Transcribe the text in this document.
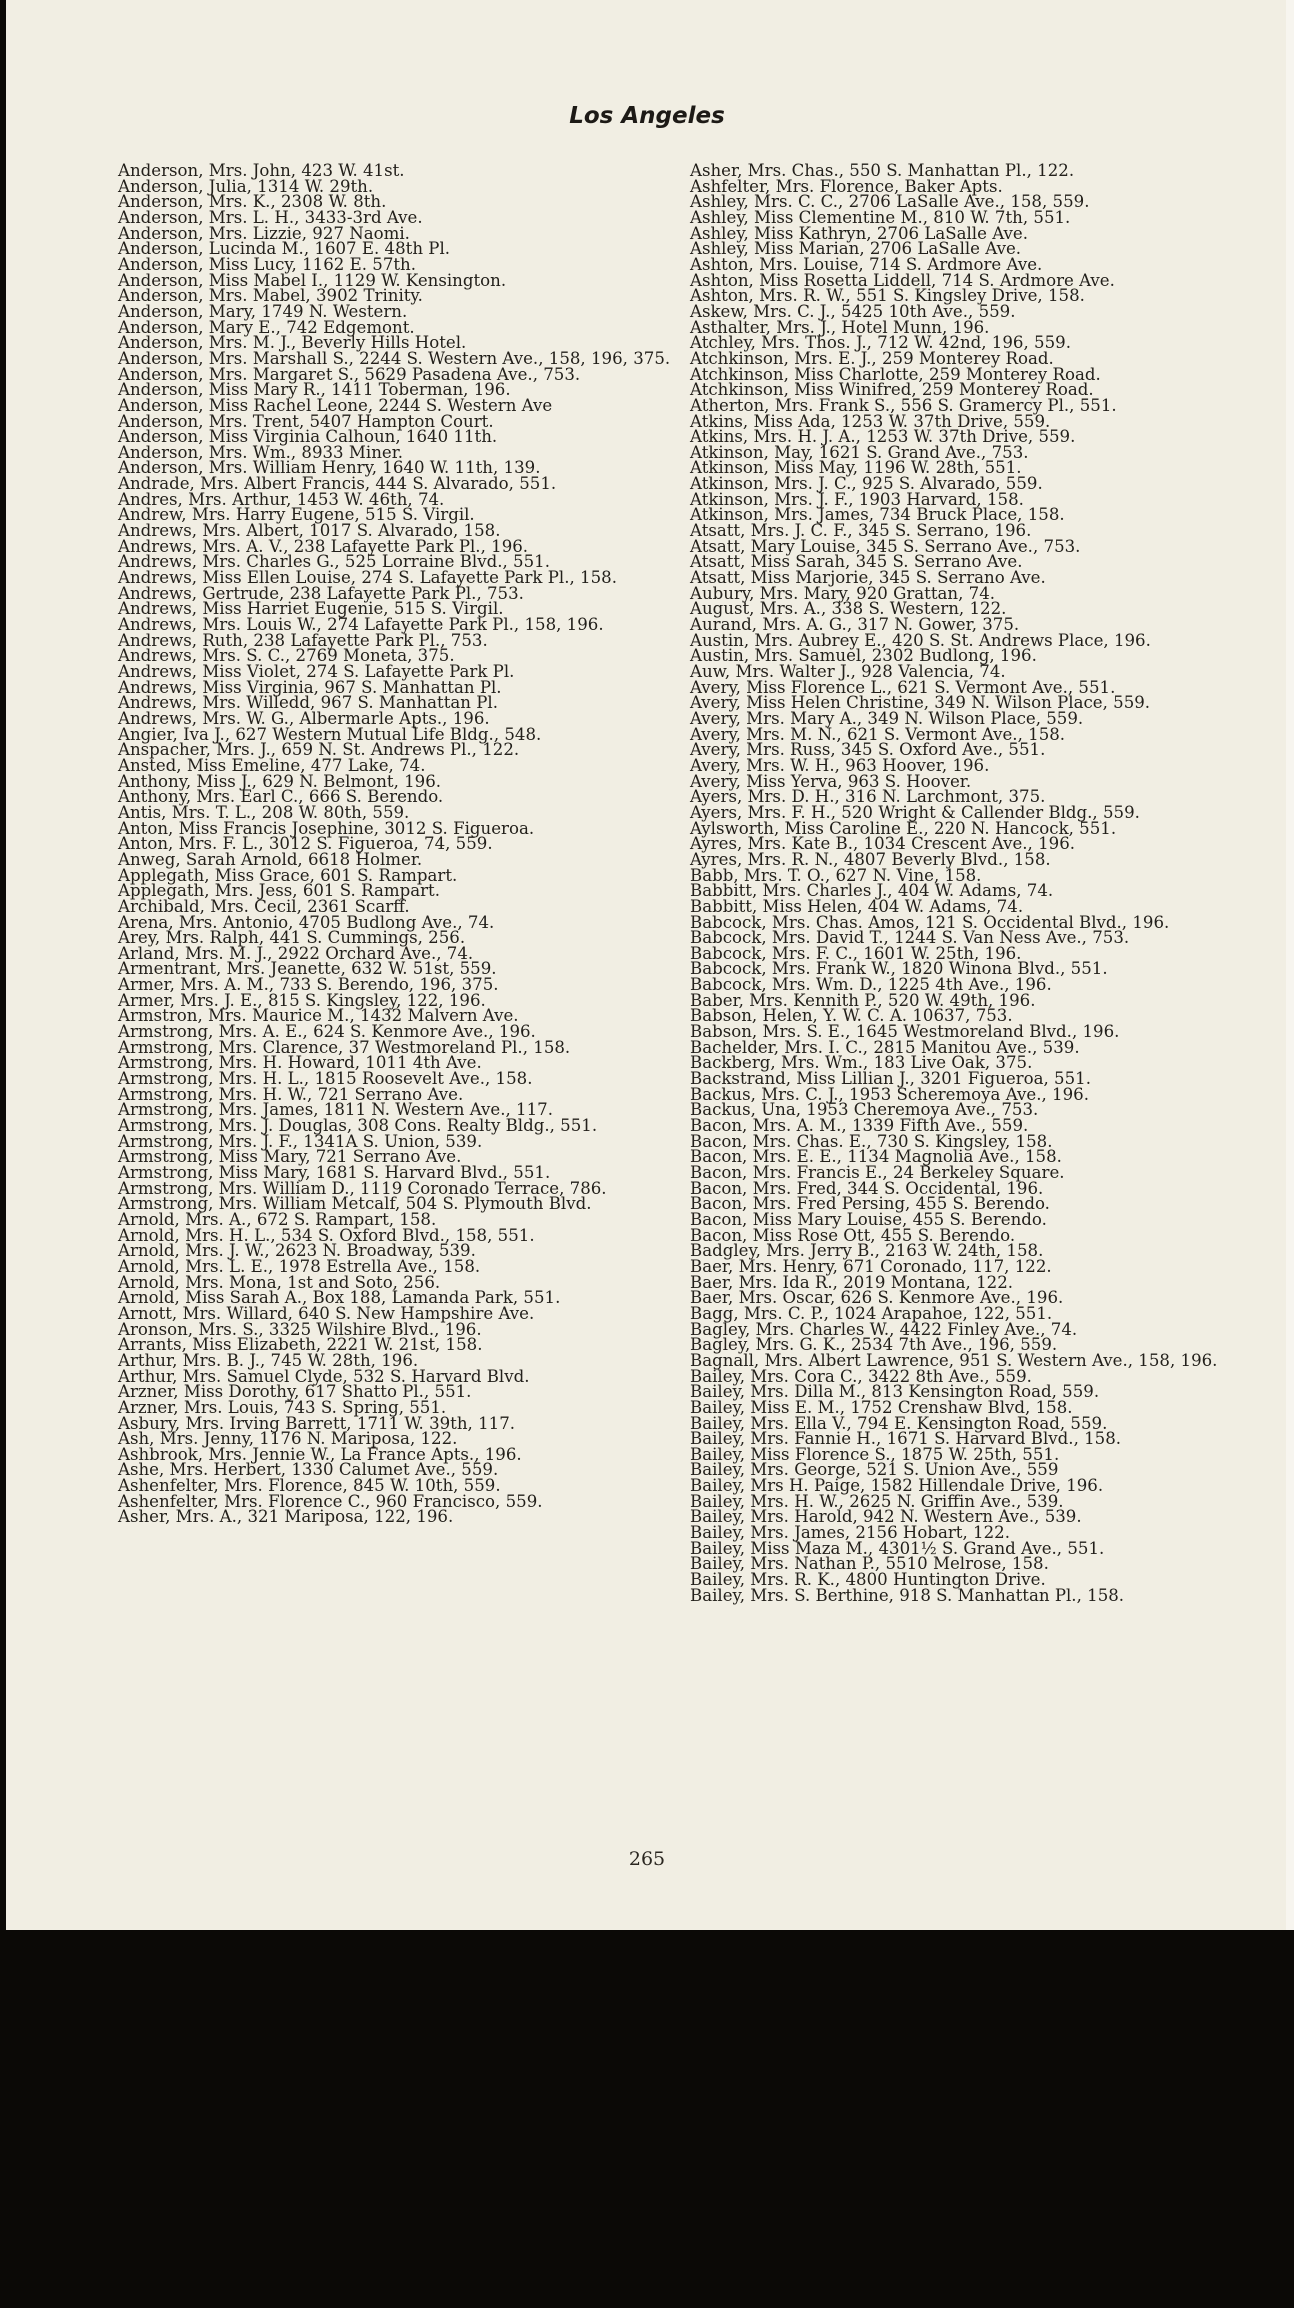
Los Angeles
Anderson, Mrs. John, 423 W. 41st.
Anderson, Julia, 1314 W. 29th.
Anderson, Mrs. K., 2308 W. 8th.
Anderson, Mrs. L. H., 3433-3rd Ave.
Anderson, Mrs. Lizzie, 927 Naomi.
Anderson, Lucinda M., 1607 E. 48th Pl.
Anderson, Miss Lucy, 1162 E. 57th.
Anderson, Miss Mabel I., 1129 W. Kensington.
Anderson, Mrs. Mabel, 3902 Trinity.
Anderson, Mary, 1749 N. Western.
Anderson, Mary E., 742 Edgemont.
Anderson, Mrs. M. J., Beverly Hills Hotel.
Anderson, Mrs. Marshall S., 2244 S. Western Ave., 158, 196, 375.
Anderson, Mrs. Margaret S., 5629 Pasadena Ave., 753.
Anderson, Miss Mary R., 1411 Toberman, 196.
Anderson, Miss Rachel Leone, 2244 S. Western Ave
Anderson, Mrs. Trent, 5407 Hampton Court.
Anderson, Miss Virginia Calhoun, 1640 11th.
Anderson, Mrs. Wm., 8933 Miner.
Anderson, Mrs. William Henry, 1640 W. 11th, 139.
Andrade, Mrs. Albert Francis, 444 S. Alvarado, 551.
Andres, Mrs. Arthur, 1453 W. 46th, 74.
Andrew, Mrs. Harry Eugene, 515 S. Virgil.
Andrews, Mrs. Albert, 1017 S. Alvarado, 158.
Andrews, Mrs. A. V., 238 Lafayette Park Pl., 196.
Andrews, Mrs. Charles G., 525 Lorraine Blvd., 551.
Andrews, Miss Ellen Louise, 274 S. Lafayette Park Pl., 158.
Andrews, Gertrude, 238 Lafayette Park Pl., 753.
Andrews, Miss Harriet Eugenie, 515 S. Virgil.
Andrews, Mrs. Louis W., 274 Lafayette Park Pl., 158, 196.
Andrews, Ruth, 238 Lafayette Park Pl., 753.
Andrews, Mrs. S. C., 2769 Moneta, 375.
Andrews, Miss Violet, 274 S. Lafayette Park Pl.
Andrews, Miss Virginia, 967 S. Manhattan Pl.
Andrews, Mrs. Willedd, 967 S. Manhattan Pl.
Andrews, Mrs. W. G., Albermarle Apts., 196.
Angier, Iva J., 627 Western Mutual Life Bldg., 548.
Anspacher, Mrs. J., 659 N. St. Andrews Pl., 122.
Ansted, Miss Emeline, 477 Lake, 74.
Anthony, Miss J., 629 N. Belmont, 196.
Anthony, Mrs. Earl C., 666 S. Berendo.
Antis, Mrs. T. L., 208 W. 80th, 559.
Anton, Miss Francis Josephine, 3012 S. Figueroa.
Anton, Mrs. F. L., 3012 S. Figueroa, 74, 559.
Anweg, Sarah Arnold, 6618 Holmer.
Applegath, Miss Grace, 601 S. Rampart.
Applegath, Mrs. Jess, 601 S. Rampart.
Archibald, Mrs. Cecil, 2361 Scarff.
Arena, Mrs. Antonio, 4705 Budlong Ave., 74.
Arey, Mrs. Ralph, 441 S. Cummings, 256.
Arland, Mrs. M. J., 2922 Orchard Ave., 74.
Armentrant, Mrs. Jeanette, 632 W. 51st, 559.
Armer, Mrs. A. M., 733 S. Berendo, 196, 375.
Armer, Mrs. J. E., 815 S. Kingsley, 122, 196.
Armstron, Mrs. Maurice M., 1432 Malvern Ave.
Armstrong, Mrs. A. E., 624 S. Kenmore Ave., 196.
Armstrong, Mrs. Clarence, 37 Westmoreland Pl., 158.
Armstrong, Mrs. H. Howard, 1011 4th Ave.
Armstrong, Mrs. H. L., 1815 Roosevelt Ave., 158.
Armstrong, Mrs. H. W., 721 Serrano Ave.
Armstrong, Mrs. James, 1811 N. Western Ave., 117.
Armstrong, Mrs. J. Douglas, 308 Cons. Realty Bldg., 551.
Armstrong, Mrs. J. F., 1341A S. Union, 539.
Armstrong, Miss Mary, 721 Serrano Ave.
Armstrong, Miss Mary, 1681 S. Harvard Blvd., 551.
Armstrong, Mrs. William D., 1119 Coronado Terrace, 786.
Armstrong, Mrs. William Metcalf, 504 S. Plymouth Blvd.
Arnold, Mrs. A., 672 S. Rampart, 158.
Arnold, Mrs. H. L., 534 S. Oxford Blvd., 158, 551.
Arnold, Mrs. J. W., 2623 N. Broadway, 539.
Arnold, Mrs. L. E., 1978 Estrella Ave., 158.
Arnold, Mrs. Mona, 1st and Soto, 256.
Arnold, Miss Sarah A., Box 188, Lamanda Park, 551.
Arnott, Mrs. Willard, 640 S. New Hampshire Ave.
Aronson, Mrs. S., 3325 Wilshire Blvd., 196.
Arrants, Miss Elizabeth, 2221 W. 21st, 158.
Arthur, Mrs. B. J., 745 W. 28th, 196.
Arthur, Mrs. Samuel Clyde, 532 S. Harvard Blvd.
Arzner, Miss Dorothy, 617 Shatto Pl., 551.
Arzner, Mrs. Louis, 743 S. Spring, 551.
Asbury, Mrs. Irving Barrett, 1711 W. 39th, 117.
Ash, Mrs. Jenny, 1176 N. Mariposa, 122.
Ashbrook, Mrs. Jennie W., La France Apts., 196.
Ashe, Mrs. Herbert, 1330 Calumet Ave., 559.
Ashenfelter, Mrs. Florence, 845 W. 10th, 559.
Ashenfelter, Mrs. Florence C., 960 Francisco, 559.
Asher, Mrs. A., 321 Mariposa, 122, 196.
Asher, Mrs. Chas., 550 S. Manhattan Pl., 122.
Ashfelter, Mrs. Florence, Baker Apts.
Ashley, Mrs. C. C., 2706 LaSalle Ave., 158, 559.
Ashley, Miss Clementine M., 810 W. 7th, 551.
Ashley, Miss Kathryn, 2706 LaSalle Ave.
Ashley, Miss Marian, 2706 LaSalle Ave.
Ashton, Mrs. Louise, 714 S. Ardmore Ave.
Ashton, Miss Rosetta Liddell, 714 S. Ardmore Ave.
Ashton, Mrs. R. W., 551 S. Kingsley Drive, 158.
Askew, Mrs. C. J., 5425 10th Ave., 559.
Asthalter, Mrs. J., Hotel Munn, 196.
Atchley, Mrs. Thos. J., 712 W. 42nd, 196, 559.
Atchkinson, Mrs. E. J., 259 Monterey Road.
Atchkinson, Miss Charlotte, 259 Monterey Road.
Atchkinson, Miss Winifred, 259 Monterey Road.
Atherton, Mrs. Frank S., 556 S. Gramercy Pl., 551.
Atkins, Miss Ada, 1253 W. 37th Drive, 559.
Atkins, Mrs. H. J. A., 1253 W. 37th Drive, 559.
Atkinson, May, 1621 S. Grand Ave., 753.
Atkinson, Miss May, 1196 W. 28th, 551.
Atkinson, Mrs. J. C., 925 S. Alvarado, 559.
Atkinson, Mrs. J. F., 1903 Harvard, 158.
Atkinson, Mrs. James, 734 Bruck Place, 158.
Atsatt, Mrs. J. C. F., 345 S. Serrano, 196.
Atsatt, Mary Louise, 345 S. Serrano Ave., 753.
Atsatt, Miss Sarah, 345 S. Serrano Ave.
Atsatt, Miss Marjorie, 345 S. Serrano Ave.
Aubury, Mrs. Mary, 920 Grattan, 74.
August, Mrs. A., 338 S. Western, 122.
Aurand, Mrs. A. G., 317 N. Gower, 375.
Austin, Mrs. Aubrey E., 420 S. St. Andrews Place, 196.
Austin, Mrs. Samuel, 2302 Budlong, 196.
Auw, Mrs. Walter J., 928 Valencia, 74.
Avery, Miss Florence L., 621 S. Vermont Ave., 551.
Avery, Miss Helen Christine, 349 N. Wilson Place, 559.
Avery, Mrs. Mary A., 349 N. Wilson Place, 559.
Avery, Mrs. M. N., 621 S. Vermont Ave., 158.
Avery, Mrs. Russ, 345 S. Oxford Ave., 551.
Avery, Mrs. W. H., 963 Hoover, 196.
Avery, Miss Yerva, 963 S. Hoover.
Ayers, Mrs. D. H., 316 N. Larchmont, 375.
Ayers, Mrs. F. H., 520 Wright & Callender Bldg., 559.
Aylsworth, Miss Caroline E., 220 N. Hancock, 551.
Ayres, Mrs. Kate B., 1034 Crescent Ave., 196.
Ayres, Mrs. R. N., 4807 Beverly Blvd., 158.
Babb, Mrs. T. O., 627 N. Vine, 158.
Babbitt, Mrs. Charles J., 404 W. Adams, 74.
Babbitt, Miss Helen, 404 W. Adams, 74.
Babcock, Mrs. Chas. Amos, 121 S. Occidental Blvd., 196.
Babcock, Mrs. David T., 1244 S. Van Ness Ave., 753.
Babcock, Mrs. F. C., 1601 W. 25th, 196.
Babcock, Mrs. Frank W., 1820 Winona Blvd., 551.
Babcock, Mrs. Wm. D., 1225 4th Ave., 196.
Baber, Mrs. Kennith P., 520 W. 49th, 196.
Babson, Helen, Y. W. C. A. 10637, 753.
Babson, Mrs. S. E., 1645 Westmoreland Blvd., 196.
Bachelder, Mrs. I. C., 2815 Manitou Ave., 539.
Backberg, Mrs. Wm., 183 Live Oak, 375.
Backstrand, Miss Lillian J., 3201 Figueroa, 551.
Backus, Mrs. C. J., 1953 Scheremoya Ave., 196.
Backus, Una, 1953 Cheremoya Ave., 753.
Bacon, Mrs. A. M., 1339 Fifth Ave., 559.
Bacon, Mrs. Chas. E., 730 S. Kingsley, 158.
Bacon, Mrs. E. E., 1134 Magnolia Ave., 158.
Bacon, Mrs. Francis E., 24 Berkeley Square.
Bacon, Mrs. Fred, 344 S. Occidental, 196.
Bacon, Mrs. Fred Persing, 455 S. Berendo.
Bacon, Miss Mary Louise, 455 S. Berendo.
Bacon, Miss Rose Ott, 455 S. Berendo.
Badgley, Mrs. Jerry B., 2163 W. 24th, 158.
Baer, Mrs. Henry, 671 Coronado, 117, 122.
Baer, Mrs. Ida R., 2019 Montana, 122.
Baer, Mrs. Oscar, 626 S. Kenmore Ave., 196.
Bagg, Mrs. C. P., 1024 Arapahoe, 122, 551.
Bagley, Mrs. Charles W., 4422 Finley Ave., 74.
Bagley, Mrs. G. K., 2534 7th Ave., 196, 559.
Bagnall, Mrs. Albert Lawrence, 951 S. Western Ave., 158, 196.
Bailey, Mrs. Cora C., 3422 8th Ave., 559.
Bailey, Mrs. Dilla M., 813 Kensington Road, 559.
Bailey, Miss E. M., 1752 Crenshaw Blvd, 158.
Bailey, Mrs. Ella V., 794 E. Kensington Road, 559.
Bailey, Mrs. Fannie H., 1671 S. Harvard Blvd., 158.
Bailey, Miss Florence S., 1875 W. 25th, 551.
Bailey, Mrs. George, 521 S. Union Ave., 559
Bailey, Mrs H. Paige, 1582 Hillendale Drive, 196.
Bailey, Mrs. H. W., 2625 N. Griffin Ave., 539.
Bailey, Mrs. Harold, 942 N. Western Ave., 539.
Bailey, Mrs. James, 2156 Hobart, 122.
Bailey, Miss Maza M., 4301½ S. Grand Ave., 551.
Bailey, Mrs. Nathan P., 5510 Melrose, 158.
Bailey, Mrs. R. K., 4800 Huntington Drive.
Bailey, Mrs. S. Berthine, 918 S. Manhattan Pl., 158.
265
